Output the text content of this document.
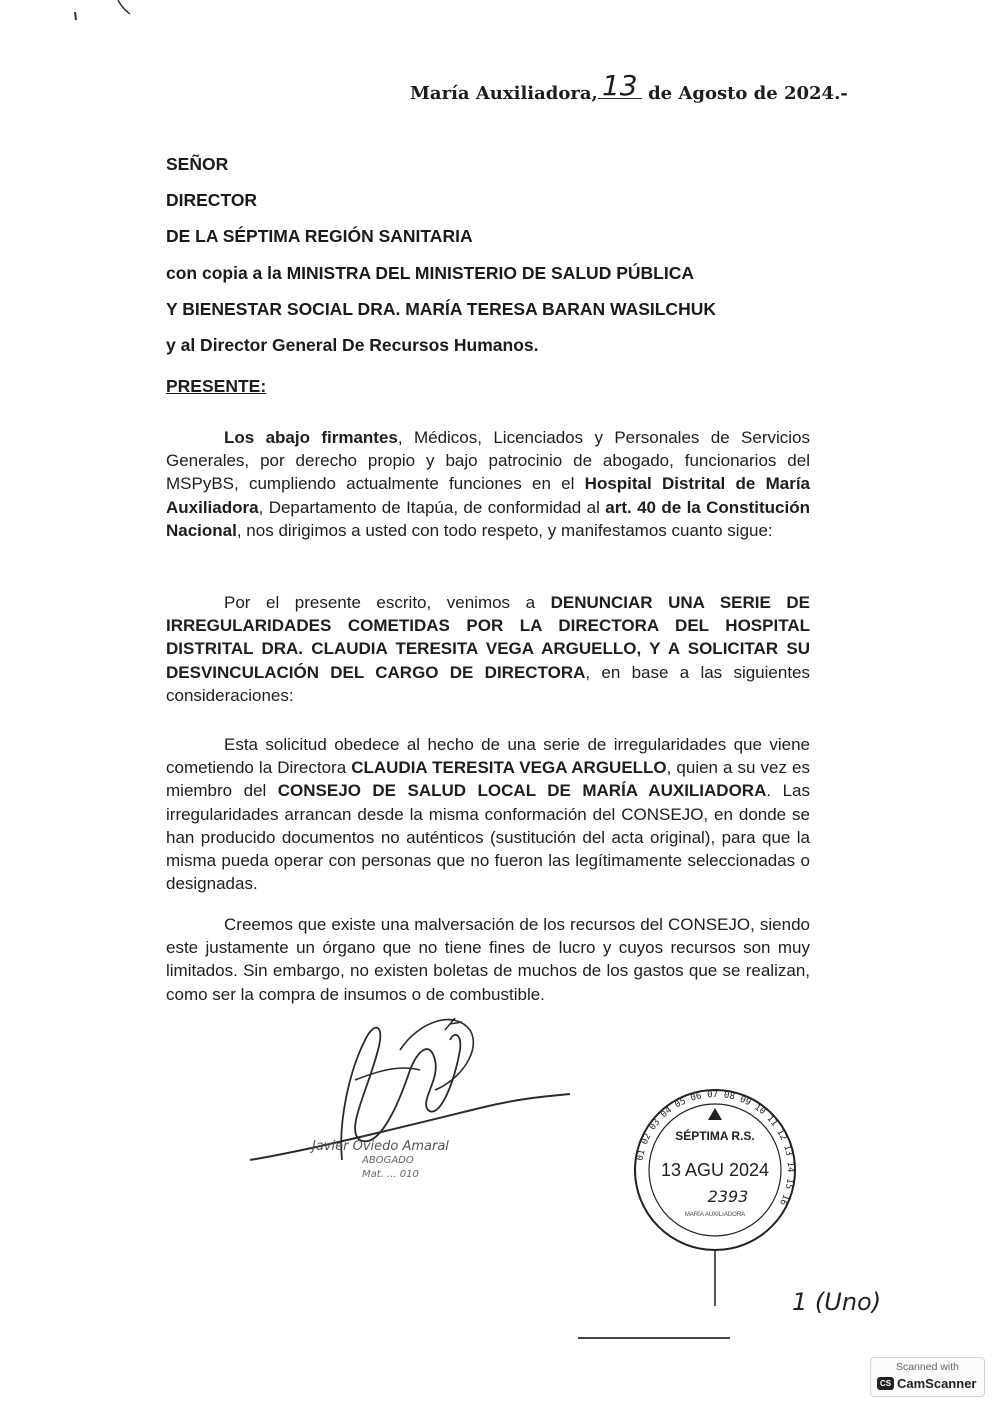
María Auxiliadora, 13 de Agosto de 2024.-
SEÑOR
DIRECTOR
DE LA SÉPTIMA REGIÓN SANITARIA
con copia a la MINISTRA DEL MINISTERIO DE SALUD PÚBLICA
Y BIENESTAR SOCIAL DRA. MARÍA TERESA BARAN WASILCHUK
y al Director General De Recursos Humanos.
PRESENTE:
Los abajo firmantes, Médicos, Licenciados y Personales de Servicios Generales, por derecho propio y bajo patrocinio de abogado, funcionarios del MSPyBS, cumpliendo actualmente funciones en el Hospital Distrital de María Auxiliadora, Departamento de Itapúa, de conformidad al art. 40 de la Constitución Nacional, nos dirigimos a usted con todo respeto, y manifestamos cuanto sigue:
Por el presente escrito, venimos a DENUNCIAR UNA SERIE DE IRREGULARIDADES COMETIDAS POR LA DIRECTORA DEL HOSPITAL DISTRITAL DRA. CLAUDIA TERESITA VEGA ARGUELLO, Y A SOLICITAR SU DESVINCULACIÓN DEL CARGO DE DIRECTORA, en base a las siguientes consideraciones:
Esta solicitud obedece al hecho de una serie de irregularidades que viene cometiendo la Directora CLAUDIA TERESITA VEGA ARGUELLO, quien a su vez es miembro del CONSEJO DE SALUD LOCAL DE MARÍA AUXILIADORA. Las irregularidades arrancan desde la misma conformación del CONSEJO, en donde se han producido documentos no auténticos (sustitución del acta original), para que la misma pueda operar con personas que no fueron las legítimamente seleccionadas o designadas.
Creemos que existe una malversación de los recursos del CONSEJO, siendo este justamente un órgano que no tiene fines de lucro y cuyos recursos son muy limitados. Sin embargo, no existen boletas de muchos de los gastos que se realizan, como ser la compra de insumos o de combustible.
Javier Oviedo Amaral
ABOGADO
Mat. ... 010
01 02 03 04 05 06 07 08 09 10 11 12 13 14 15 16
SÉPTIMA R.S.
13 AGU 2024
2393
MARÍA AUXILIADORA
1 (Uno)
Scanned with
CS CamScanner
